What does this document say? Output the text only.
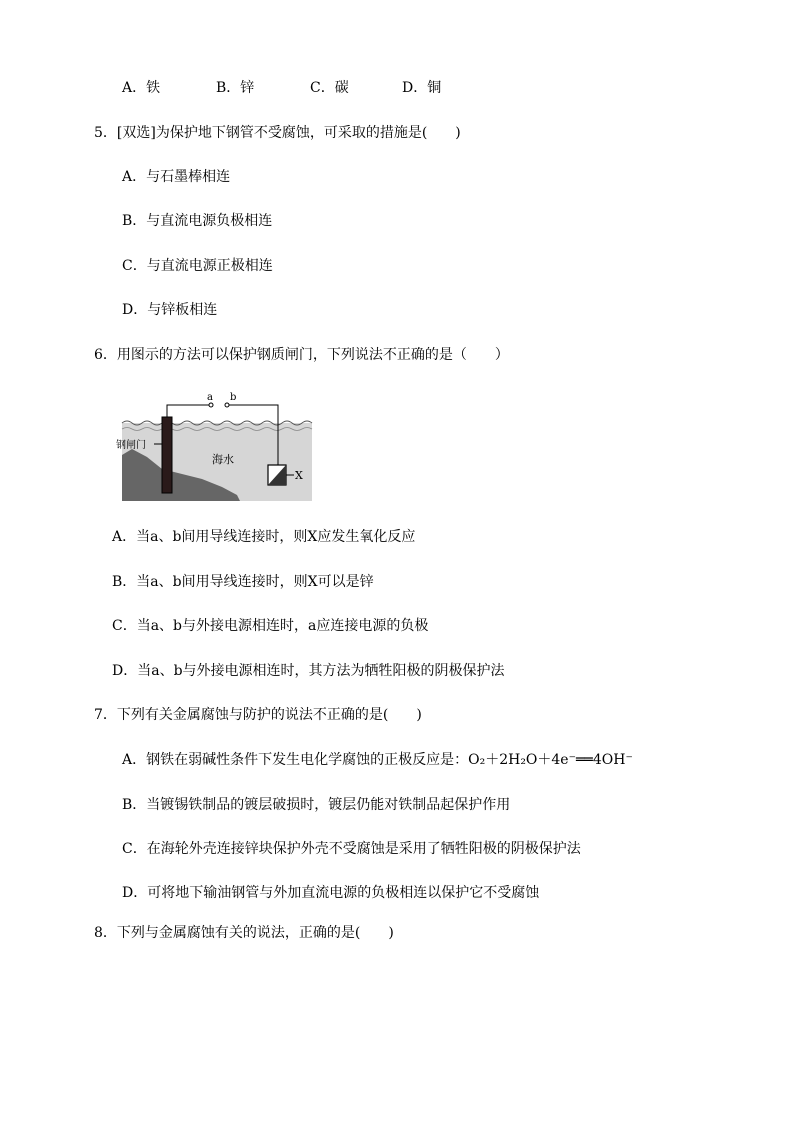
A．铁	B．锌	C．碳	D．铜
5．[双选]为保护地下钢管不受腐蚀，可采取的措施是(　　)
A．与石墨棒相连
B．与直流电源负极相连
C．与直流电源正极相连
D．与锌板相连
6．用图示的方法可以保护钢质闸门，下列说法不正确的是（　　）
a b
钢闸门
海水
X
A．当a、b间用导线连接时，则X应发生氧化反应
B．当a、b间用导线连接时，则X可以是锌
C．当a、b与外接电源相连时，a应连接电源的负极
D．当a、b与外接电源相连时，其方法为牺牲阳极的阴极保护法
7．下列有关金属腐蚀与防护的说法不正确的是(　　)
A．钢铁在弱碱性条件下发生电化学腐蚀的正极反应是：O₂＋2H₂O＋4e⁻══4OH⁻
B．当镀锡铁制品的镀层破损时，镀层仍能对铁制品起保护作用
C．在海轮外壳连接锌块保护外壳不受腐蚀是采用了牺牲阳极的阴极保护法
D．可将地下输油钢管与外加直流电源的负极相连以保护它不受腐蚀
8．下列与金属腐蚀有关的说法，正确的是(　　)
